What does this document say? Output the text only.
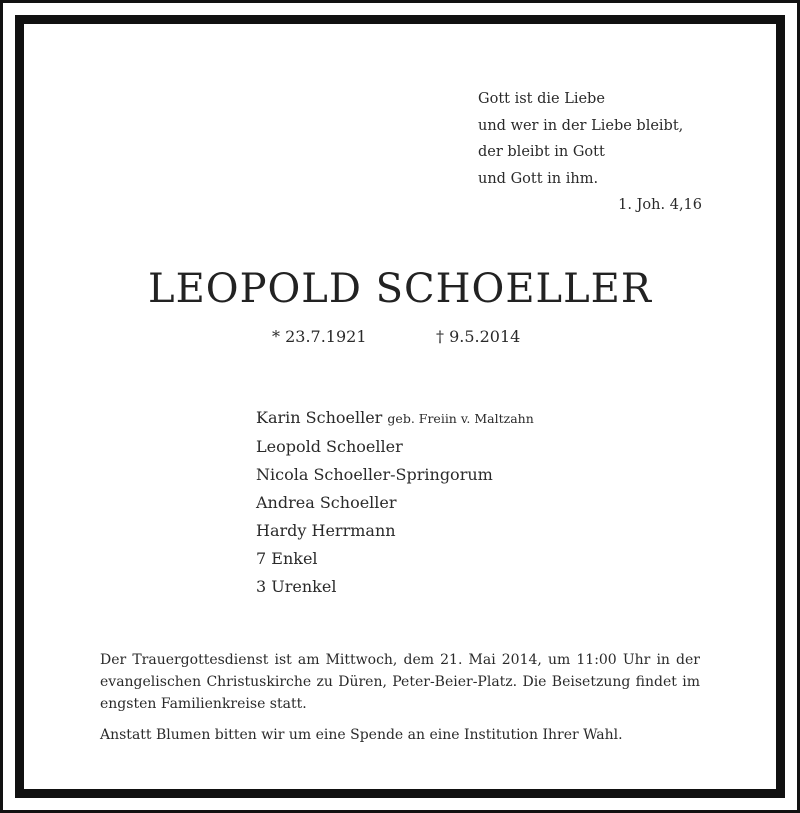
Gott ist die Liebe
und wer in der Liebe bleibt,
der bleibt in Gott
und Gott in ihm.
1. Joh. 4,16
LEOPOLD SCHOELLER
* 23.7.1921	† 9.5.2014
Karin Schoeller geb. Freiin v. Maltzahn
Leopold Schoeller
Nicola Schoeller-Springorum
Andrea Schoeller
Hardy Herrmann
7 Enkel
3 Urenkel
Der Trauergottesdienst ist am Mittwoch, dem 21. Mai 2014, um 11:00 Uhr in der evangelischen Christuskirche zu Düren, Peter-Beier-Platz. Die Beisetzung findet im engsten Familienkreise statt.
Anstatt Blumen bitten wir um eine Spende an eine Institution Ihrer Wahl.
